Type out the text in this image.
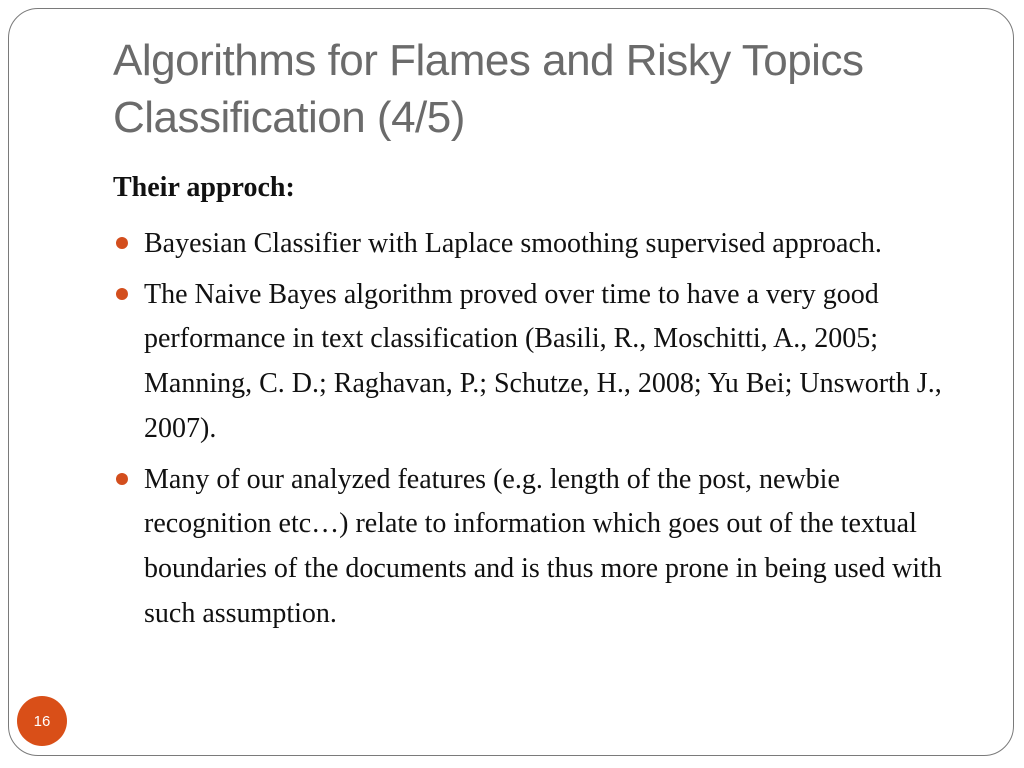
Algorithms for Flames and Risky Topics
Classification (4/5)

Their approch:

Bayesian Classifier with Laplace smoothing supervised approach.
The Naive Bayes algorithm proved over time to have a very good performance in text classification (Basili, R., Moschitti, A., 2005; Manning, C. D.; Raghavan, P.; Schutze, H., 2008; Yu Bei; Unsworth J., 2007).
Many of our analyzed features (e.g. length of the post, newbie recognition etc…) relate to information which goes out of the textual boundaries of the documents and is thus more prone in being used with such assumption.
16
